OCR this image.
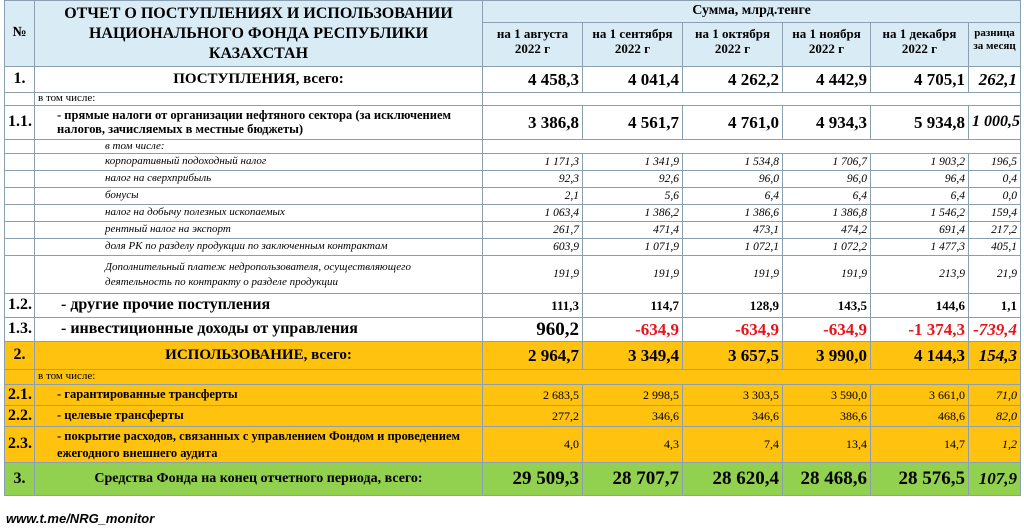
№	ОТЧЕТ О ПОСТУПЛЕНИЯХ И ИСПОЛЬЗОВАНИИ НАЦИОНАЛЬНОГО ФОНДА РЕСПУБЛИКИ КАЗАХСТАН	Сумма, млрд.тенге					
		на 1 августа 2022 г	на 1 сентября 2022 г	на 1 октября 2022 г	на 1 ноября 2022 г	на 1 декабря 2022 г	разница за месяц

1.	ПОСТУПЛЕНИЯ, всего:	4 458,3	4 041,4	4 262,2	4 442,9	4 705,1	262,1
	в том числе:						
1.1.	- прямые налоги от организации нефтяного сектора (за исключением налогов, зачисляемых в местные бюджеты)	3 386,8	4 561,7	4 761,0	4 934,3	5 934,8	1 000,5
	в том числе:						
	корпоративный подоходный налог	1 171,3	1 341,9	1 534,8	1 706,7	1 903,2	196,5
	налог на сверхприбыль	92,3	92,6	96,0	96,0	96,4	0,4
	бонусы	2,1	5,6	6,4	6,4	6,4	0,0
	налог на добычу полезных ископаемых	1 063,4	1 386,2	1 386,6	1 386,8	1 546,2	159,4
	рентный налог на экспорт	261,7	471,4	473,1	474,2	691,4	217,2
	доля РК по разделу продукции по заключенным контрактам	603,9	1 071,9	1 072,1	1 072,2	1 477,3	405,1
	Дополнительный платеж недропользователя, осуществляющего деятельность по контракту о разделе продукции	191,9	191,9	191,9	191,9	213,9	21,9
1.2.	- другие прочие поступления	111,3	114,7	128,9	143,5	144,6	1,1
1.3.	- инвестиционные доходы от управления	960,2	-634,9	-634,9	-634,9	-1 374,3	-739,4
2.	ИСПОЛЬЗОВАНИЕ, всего:	2 964,7	3 349,4	3 657,5	3 990,0	4 144,3	154,3
	в том числе:						
2.1.	- гарантированные трансферты	2 683,5	2 998,5	3 303,5	3 590,0	3 661,0	71,0
2.2.	- целевые трансферты	277,2	346,6	346,6	386,6	468,6	82,0
2.3.	- покрытие расходов, связанных с управлением Фондом и проведением ежегодного внешнего аудита	4,0	4,3	7,4	13,4	14,7	1,2
3.	Средства Фонда на конец отчетного периода, всего:	29 509,3	28 707,7	28 620,4	28 468,6	28 576,5	107,9
www.t.me/NRG_monitor
